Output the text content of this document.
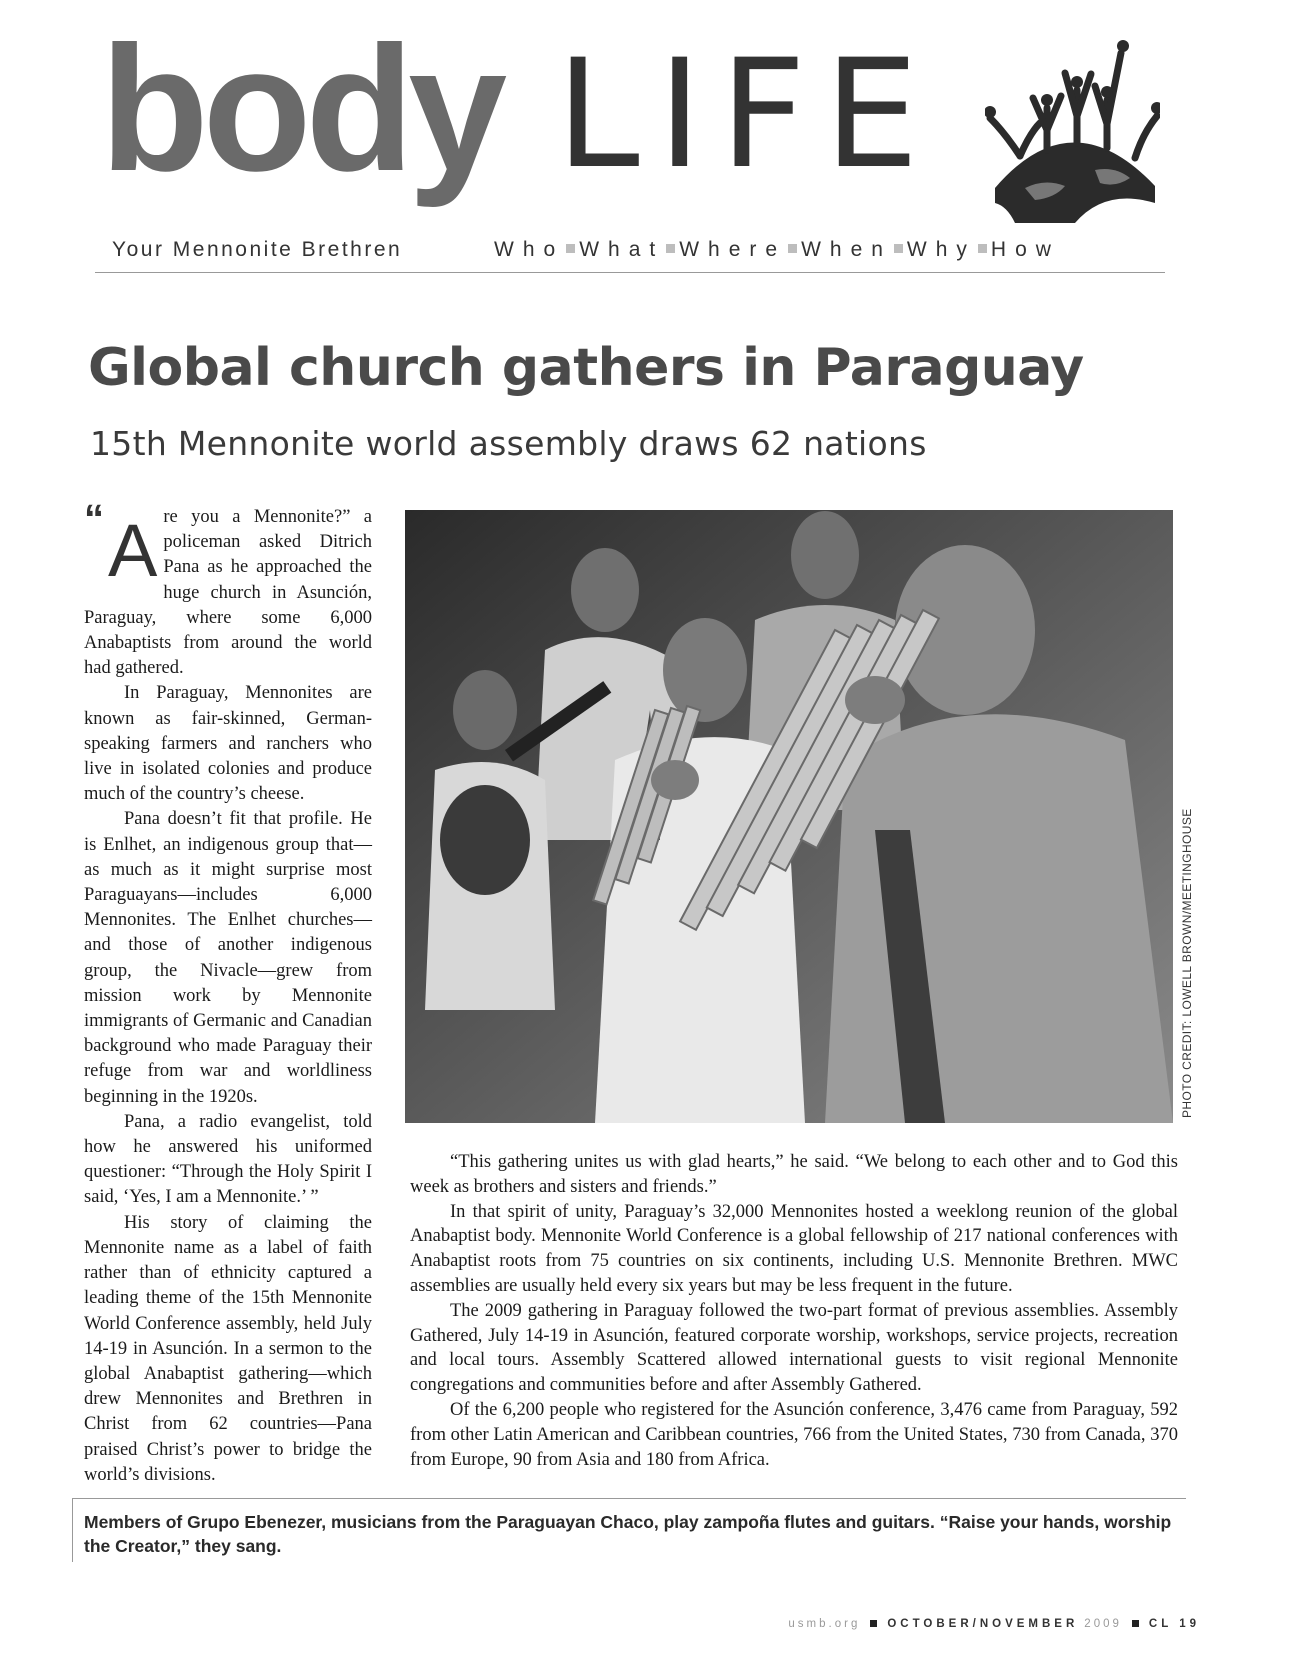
body LIFE
Your Mennonite Brethren	Who What Where When Why How
Global church gathers in Paraguay
15th Mennonite world assembly draws 62 nations

“ A re you a Mennonite?” a policeman asked Ditrich Pana as he approached the huge church in Asunción, Paraguay, where some 6,000 Anabaptists from around the world had gathered.

In Paraguay, Mennonites are known as fair-skinned, German-speaking farmers and ranchers who live in isolated colonies and produce much of the country’s cheese.

Pana doesn’t fit that profile. He is Enlhet, an indigenous group that—as much as it might surprise most Paraguayans—includes 6,000 Mennonites. The Enlhet churches—and those of another indigenous group, the Nivacle—grew from mission work by Mennonite immigrants of Germanic and Canadian background who made Paraguay their refuge from war and worldliness beginning in the 1920s.

Pana, a radio evangelist, told how he answered his uniformed questioner: “Through the Holy Spirit I said, ‘Yes, I am a Mennonite.’ ”

His story of claiming the Mennonite name as a label of faith rather than of ethnicity captured a leading theme of the 15th Mennonite World Conference assembly, held July 14-19 in Asunción. In a sermon to the global Anabaptist gathering—which drew Mennonites and Brethren in Christ from 62 countries—Pana praised Christ’s power to bridge the world’s divisions.

PHOTO CREDIT: LOWELL BROWN/MEETINGHOUSE

“This gathering unites us with glad hearts,” he said. “We belong to each other and to God this week as brothers and sisters and friends.”

In that spirit of unity, Paraguay’s 32,000 Mennonites hosted a weeklong reunion of the global Anabaptist body. Mennonite World Conference is a global fellowship of 217 national conferences with Anabaptist roots from 75 countries on six continents, including U.S. Mennonite Brethren. MWC assemblies are usually held every six years but may be less frequent in the future.

The 2009 gathering in Paraguay followed the two-part format of previous assemblies. Assembly Gathered, July 14-19 in Asunción, featured corporate worship, workshops, service projects, recreation and local tours. Assembly Scattered allowed international guests to visit regional Mennonite congregations and communities before and after Assembly Gathered.

Of the 6,200 people who registered for the Asunción conference, 3,476 came from Paraguay, 592 from other Latin American and Caribbean countries, 766 from the United States, 730 from Canada, 370 from Europe, 90 from Asia and 180 from Africa.

Members of Grupo Ebenezer, musicians from the Paraguayan Chaco, play zampoña flutes and guitars. “Raise your hands, worship the Creator,” they sang.
usmb.org OCTOBER/NOVEMBER 2009 CL 19
